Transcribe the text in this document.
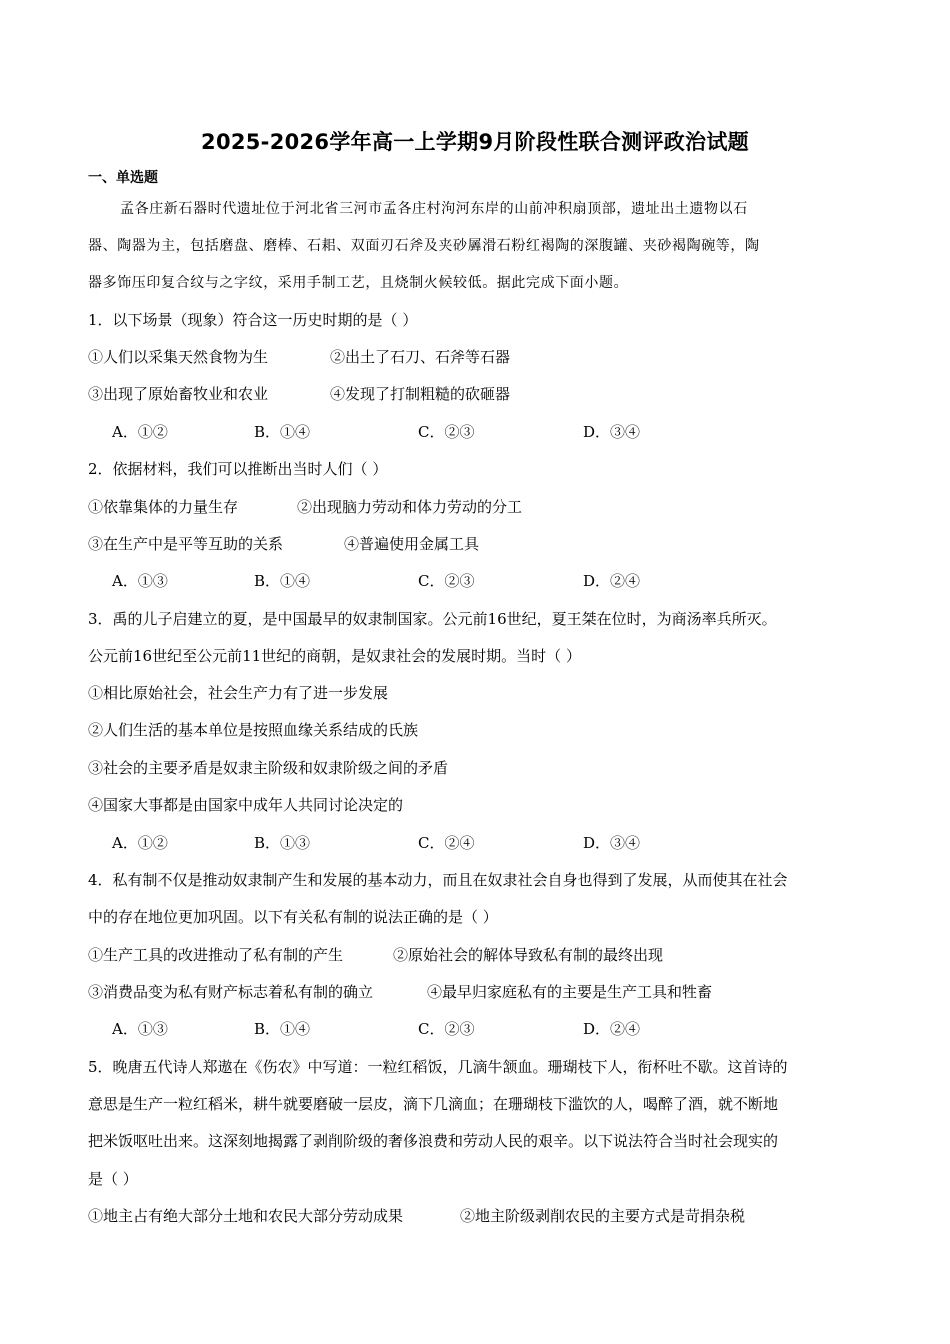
2025-2026学年高一上学期9月阶段性联合测评政治试题
一、单选题
孟各庄新石器时代遗址位于河北省三河市孟各庄村泃河东岸的山前冲积扇顶部，遗址出土遗物以石
器、陶器为主，包括磨盘、磨棒、石耜、双面刃石斧及夹砂羼滑石粉红褐陶的深腹罐、夹砂褐陶碗等，陶
器多饰压印复合纹与之字纹，采用手制工艺，且烧制火候较低。据此完成下面小题。
1．以下场景（现象）符合这一历史时期的是（ ）
①人们以采集天然食物为生	②出土了石刀、石斧等石器
③出现了原始畜牧业和农业	④发现了打制粗糙的砍砸器
A．①②	B．①④	C．②③	D．③④
2．依据材料，我们可以推断出当时人们（ ）
①依靠集体的力量生存	②出现脑力劳动和体力劳动的分工
③在生产中是平等互助的关系	④普遍使用金属工具
A．①③	B．①④	C．②③	D．②④
3．禹的儿子启建立的夏，是中国最早的奴隶制国家。公元前16世纪，夏王桀在位时，为商汤率兵所灭。
公元前16世纪至公元前11世纪的商朝，是奴隶社会的发展时期。当时（ ）
①相比原始社会，社会生产力有了进一步发展
②人们生活的基本单位是按照血缘关系结成的氏族
③社会的主要矛盾是奴隶主阶级和奴隶阶级之间的矛盾
④国家大事都是由国家中成年人共同讨论决定的
A．①②	B．①③	C．②④	D．③④
4．私有制不仅是推动奴隶制产生和发展的基本动力，而且在奴隶社会自身也得到了发展，从而使其在社会
中的存在地位更加巩固。以下有关私有制的说法正确的是（ ）
①生产工具的改进推动了私有制的产生	②原始社会的解体导致私有制的最终出现
③消费品变为私有财产标志着私有制的确立	④最早归家庭私有的主要是生产工具和牲畜
A．①③	B．①④	C．②③	D．②④
5．晚唐五代诗人郑遨在《伤农》中写道：一粒红稻饭，几滴牛颔血。珊瑚枝下人，衔杯吐不歇。这首诗的
意思是生产一粒红稻米，耕牛就要磨破一层皮，滴下几滴血；在珊瑚枝下滥饮的人，喝醉了酒，就不断地
把米饭呕吐出来。这深刻地揭露了剥削阶级的奢侈浪费和劳动人民的艰辛。以下说法符合当时社会现实的
是（ ）
①地主占有绝大部分土地和农民大部分劳动成果	②地主阶级剥削农民的主要方式是苛捐杂税
